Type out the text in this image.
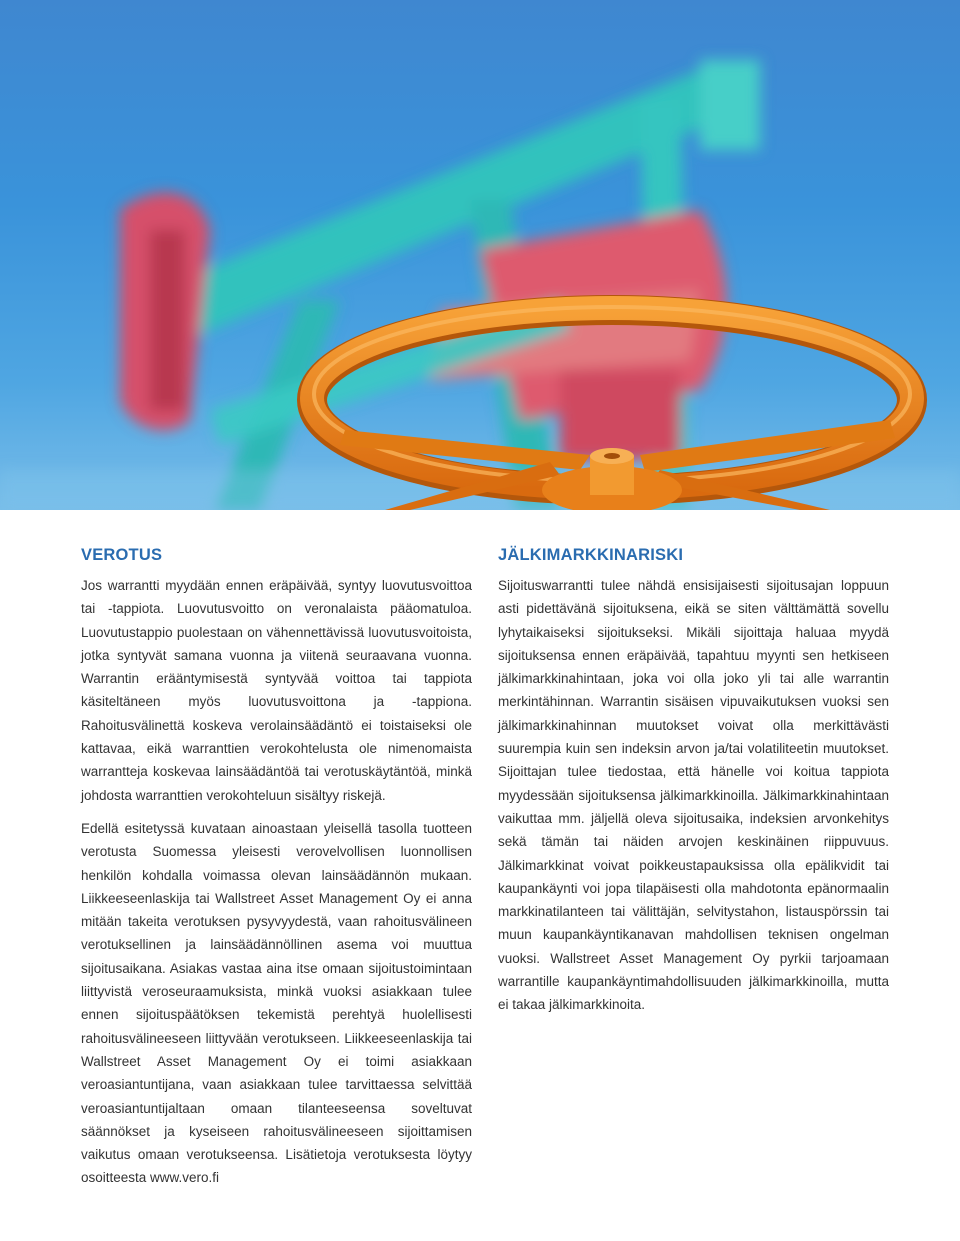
VEROTUS

Jos warrantti myydään ennen eräpäivää, syntyy luovutusvoittoa tai -tappiota. Luovutusvoitto on veronalaista pääomatuloa. Luovutustappio puolestaan on vähennettävissä luovutusvoitoista, jotka syntyvät samana vuonna ja viitenä seuraavana vuonna. Warrantin erääntymisestä syntyvää voittoa tai tappiota käsiteltäneen myös luovutusvoittona ja -tappiona. Rahoitusvälinettä koskeva verolainsäädäntö ei toistaiseksi ole kattavaa, eikä warranttien verokohtelusta ole nimenomaista warrantteja koskevaa lainsäädäntöä tai verotuskäytäntöä, minkä johdosta warranttien verokohteluun sisältyy riskejä.

Edellä esitetyssä kuvataan ainoastaan yleisellä tasolla tuotteen verotusta Suomessa yleisesti verovelvollisen luonnollisen henkilön kohdalla voimassa olevan lainsäädännön mukaan. Liikkeeseenlaskija tai Wallstreet Asset Management Oy ei anna mitään takeita verotuksen pysyvyydestä, vaan rahoitusvälineen verotuksellinen ja lainsäädännöllinen asema voi muuttua sijoitusaikana. Asiakas vastaa aina itse omaan sijoitustoimintaan liittyvistä veroseuraamuksista, minkä vuoksi asiakkaan tulee ennen sijoituspäätöksen tekemistä perehtyä huolellisesti rahoitusvälineeseen liittyvään verotukseen. Liikkeeseenlaskija tai Wallstreet Asset Management Oy ei toimi asiakkaan veroasiantuntijana, vaan asiakkaan tulee tarvittaessa selvittää veroasiantuntijaltaan omaan tilanteeseensa soveltuvat säännökset ja kyseiseen rahoitusvälineeseen sijoittamisen vaikutus omaan verotukseensa. Lisätietoja verotuksesta löytyy osoitteesta www.vero.fi

JÄLKIMARKKINARISKI

Sijoituswarrantti tulee nähdä ensisijaisesti sijoitusajan loppuun asti pidettävänä sijoituksena, eikä se siten välttämättä sovellu lyhytaikaiseksi sijoitukseksi. Mikäli sijoittaja haluaa myydä sijoituksensa ennen eräpäivää, tapahtuu myynti sen hetkiseen jälkimarkkinahintaan, joka voi olla joko yli tai alle warrantin merkintähinnan. Warrantin sisäisen vipuvaikutuksen vuoksi sen jälkimarkkinahinnan muutokset voivat olla merkittävästi suurempia kuin sen indeksin arvon ja/tai volatiliteetin muutokset. Sijoittajan tulee tiedostaa, että hänelle voi koitua tappiota myydessään sijoituksensa jälkimarkkinoilla. Jälkimarkkinahintaan vaikuttaa mm. jäljellä oleva sijoitusaika, indeksien arvonkehitys sekä tämän tai näiden arvojen keskinäinen riippuvuus. Jälkimarkkinat voivat poikkeustapauksissa olla epälikvidit tai kaupankäynti voi jopa tilapäisesti olla mahdotonta epänormaalin markkinatilanteen tai välittäjän, selvitystahon, listauspörssin tai muun kaupankäyntikanavan mahdollisen teknisen ongelman vuoksi. Wallstreet Asset Management Oy pyrkii tarjoamaan warrantille kaupankäyntimahdollisuuden jälkimarkkinoilla, mutta ei takaa jälkimarkkinoita.
